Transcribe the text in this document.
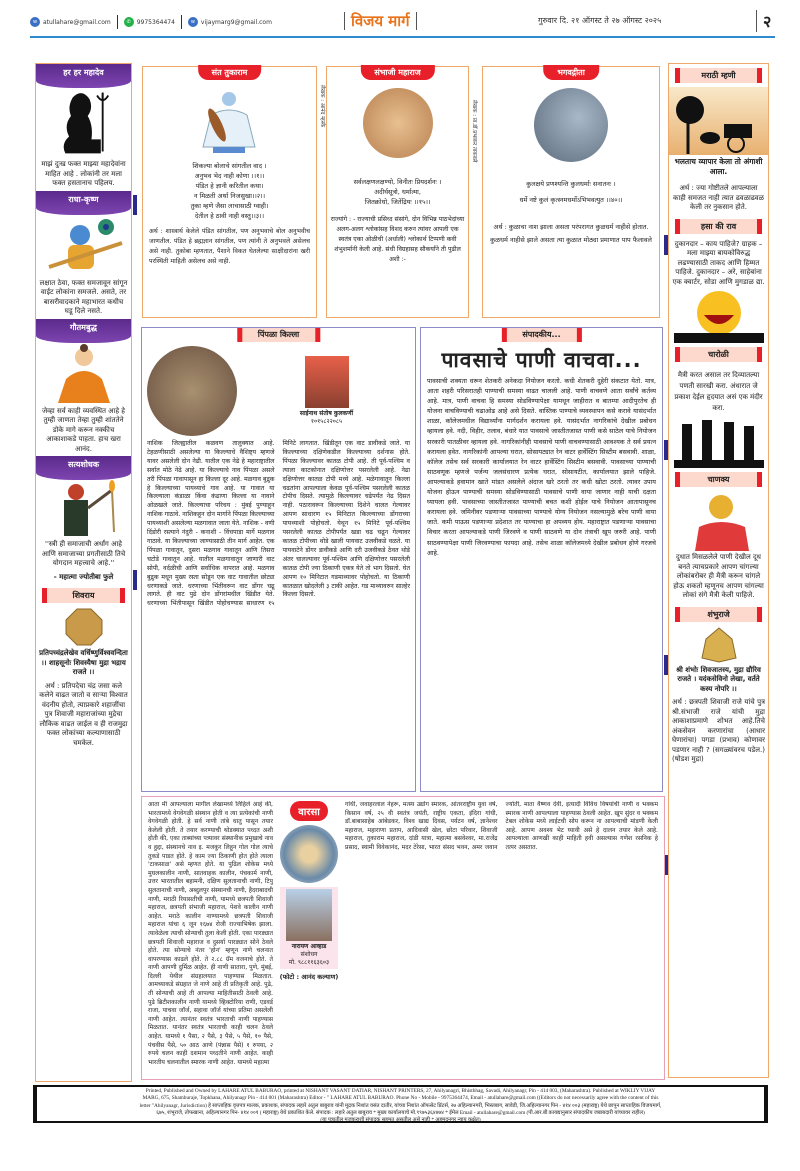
w atullahare@gmail.com	✆ 9975364474	w vijaymarg9@gmail.com	विजय मार्ग	गुरुवार दि. २१ ऑगस्ट ते २७ ऑगस्ट २०२५	२
हर हर महादेव
माझं दुःख फक्त माझ्या महादेवांना माहित आहे . लोकांनी तर मला फक्त हसतानाच पहिलय.
राधा-कृष्ण
लक्षात ठेवा, फक्त समजावून सांगून वाईट लोकांना समजले. असते, तर बासरीवादकाने महाभारत कधीच घडू दिले नसते.
गौतमबुद्ध
जेव्हा सर्व काही व्यवस्थित आहे हे तुम्ही जाणता तेव्हा तुम्ही शांततेने डोके मागे करून नक्कीच आकाशाकडे पाहता. हाच खरा आनंद.
सत्यशोधक
''स्त्री ही समाजाची अर्धांग आहे आणि समाजाच्या प्रगतीसाठी तिचे योगदान महत्त्वाचे आहे.''
- महात्मा ज्योतीबा फुले
शिवराय
प्रतिपच्चंद्रलेखेव वर्धिष्णुर्विश्ववन्दिता ।। शाहसूनोः शिवस्यैषा मुद्रा भद्राय राजते ।।
अर्थ : प्रतिपदेचा चंद्र जसा कले कलेने वाढत जातो व साऱ्या विश्वात वंदनीय होतो, त्याप्रकारे शहाजींचा पुत्र शिवाजी महाराजांच्या मुद्रेचा लौकिक वाढत जाईल व ही राजमुद्रा फक्त लोकांच्या कल्याणासाठी चमकेल.
संत तुकाराम
शिकल्या बोलाचे सांगतील वाद ।
अनुभव भेद नाही कोणा ।।१।।
पंडित हे ज्ञानी करितील कथा।
न मिळती अर्था निजसुखा।।२।।
तुका म्हणे जैसा लाचासाठी ग्वाही।
देतील हे ठावी नाही वस्तु।।३।।
अर्थ : शास्त्रार्थ केलेले पंडित सांगतील, पण अनुभवाचे बोल अनुभवीच जाणतील. पंडित हे ब्रह्मज्ञान सांगतील, पण त्यांनी ते अनुभवले असेलच असे नाही. तुकोबा म्हणतात, पैशाने विकत घेतलेल्या साक्षीदारांना खरी परस्थिती माहिती असेलच असे नाही.
लेखक : आनंद म्हस्के
संभाजी महाराज
सर्वलक्षणलक्षण्यो, विनीतः प्रियदर्शनः ।
अदीर्घसूत्रो, धर्मात्मा,
जितक्रोधो, जितेंद्रियः ।।१५।।
राज्यांगे : - राज्याची प्रसिध्द संसांगे, दोन विभिन्न पाठभेदांच्या अलग-अलग श्लोकांसह विशद करुन त्यांवर आपली एक स्वतंत्र एका ओळीची (अर्धाली) श्लोकार्थ टिप्पणी कवी शंभुशर्मानी केली आहे. संधी विग्रहासह सौकर्यांने ती पुढील अशी :-
लेखक : प्रा.डॉ.प्रभाकर ताकवले
भगवद्गीता
कुलक्षये प्रणश्यन्ति कुलधर्माः सनातनः ।
धर्मे नष्टे कुलं कृत्स्नमधर्मोऽभिभवत्युत ।।४०।।
अर्थ : कुळाचा नाश झाला असता परंपरागत कुळधर्म नाहीसे होतात. कुळधर्म नाहीसे झाले असता त्या कुळात मोठ्या प्रमाणात पाप फैलावले
मराठी म्हणी
भलताच व्यापार केला तो अंगाशी आला.
अर्थ : ज्या गोष्टीतले आपल्याला काही समजत नाही त्यात ढवळाढवळ केली तर नुकसान होते.
हसा की राव
दुकानदार – काय पाहिजे? ग्राहक – मला माझ्या बायकोविरुद्ध लढण्यासाठी ताकद आणि हिम्मत पाहिजे. दुकानदार – अरे, साहेबांना एक क्वार्टर, सोडा आणि मुगडाळ द्या.
चारोळी
मैत्री करत असाल तर दिव्यातल्या पणती सारखी करा. अंधारात जे प्रकाश देईल हृदयात असं एक मंदीर करा.
चाणक्य
दुधात मिसळलेले पाणी देखील दूध बनते त्याचप्रकारे आपण चांगल्या लोकांबरोबर ही मैत्री करून चांगले होऊ शकतो म्हणूनच आपण चांगल्या लोकां संगे मैत्री केली पाहिजे.
शंभुराजे
श्री शंभोः शिवजातस्य, मुद्रा द्यौरिव राजते । यदंकसेविनो लेखा, वर्तते कस्य नोपरि ।।
अर्थ : छत्रपती शिवाजी राजे यांचे पुत्र श्री.संभाजी राजे यांची मुद्रा आकाशाप्रमाणे शोभत आहे.तिचे अंकसेवन करणारांचा (आधार घेणारांचा) पगडा (प्रभाव) कोणावर पडणार नाही ? (सगळ्यांवरच पडेल.) (षोडश मुद्रा)
पिंपळा किल्ला
साईनाथ संतोष कुलकर्णी
१०१५८२२०८५
नाशिक जिल्ह्यातील कळवण तालुक्यात आहे. टेहळणीसाठी असलेल्या या किल्ल्याचे वैशिष्ट्य म्हणजे यावर असलेली दोन नेढी. यातील एक नेढे हे महाराष्ट्रातील सर्वात मोठे नेढे आहे. या किल्ल्याचे नाव पिंपळा असले तरी पिंपळा गावापासून हा किल्ला दूर आहे. मळगाव बुद्रुक हे किल्ल्याच्या पायथ्याचे गाव आहे. या गावात या किल्ल्याला कंडाळा किंवा कंढाणा किल्ला या नावाने ओळखले जाते. किल्ल्याचा परिचय : मुंबई पुण्याहून नाशिक गाठावे. नाशिकहून दोन मार्गाने पिंपळा किल्ल्याच्या पायथ्याशी असलेल्या मळगावात जाता येते. नाशिक - वणी दिंडोरी रस्त्याने नंदुरी - कनाशी - विंचपाडा मार्गे मळगाव गाठावे. या किल्ल्याच्या जाण्यासाठी तीन मार्ग आहेत. एक पिंपळा गावातून, दुसरा मळगाव गावातून आणि तिसरा चटोडे गावातून आहे. यातील मळगावातून जाणारी वाट सोपी, वर्दळीची आणि सर्वाधिक वापरात आहे. मळगाव बुद्रुक मधून मुख्य रस्ता सोडून एक वाट गावातील छोट्या धरणाकडे जाते. धरणाच्या भिंतीवरून वाट डोंगर चढू लागते. ही वाट पुढे दोन डोंगरांमधील खिंडीत येते. धरणाच्या भिंतीपासून खिंडीत पोहोचण्यास साधारण १५ मिनिटे लागतात. खिंडीतून एक वाट डावीकडे जाते. या किल्ल्याच्या दक्षिणेकडील किल्ल्याच्या दर्शनास होते. पिंपळा किल्ल्यावर कातळ टोपी आहे. ती पूर्व-पश्चिम व त्याला काटकोनात दक्षिणोत्तर पसरलेली आहे. नेढा दक्षिणोत्तर कातळ टोपी मध्ये आहे. मळेगावातून किल्ला चढतांना आपल्याला केवळ पूर्व-पश्चिम पसरलेली कातळ टोपीच दिसते. त्यामुळे किल्ल्यावर चढेपर्यंत नेढ दिसत नाही. पठारावरून किल्ल्याच्या दिशेने चालत गेल्यावर आपण साधारण १५ मिनिटात किल्ल्याच्या डोंगराच्या पायथ्याशी पोहोचतो. येथून १५ मिनिटे पूर्व-पश्चिम पसरलेली कातळ टोपीपर्यंत खडा चढ चढून गेल्यावर कातळ टोपीच्या थोडे खाली पायवाट उजवीकडे वळते. या पायवाटेने डोंगर डावीकडे आणि दरी उजवीकडे ठेवत थोडे अंतर चालल्यावर पूर्व-पश्चिम आणि दक्षिणोत्तर पसरलेली कातळ टोपी ज्या ठिकाणी एकत्र येते तो भाग दिसतो. घेत आपण १० मिनिटात गडमाथ्यावर पोहोचतो. या ठिकाणी कातळात खोदलेली ३ टाकी आहेत. गड माथ्यावरुन साल्हेर किल्ला दिसतो.
संपादकीय...
पावसाचे पाणी वाचवा...
पावसाची शक्यता धरून शेतकरी अनेकदा नियोजन करतो. कधी शेतकरी दुहेरी संकटात येतो. मात्र, आता शहरी परिसरातही पाण्याची समस्या वाढत चालली आहे. पाणी वाचवणे आता सर्वांचे कर्तव्य आहे. मात्र, पाणी वाचवा हि समस्या सोडविण्यापेक्षा यामधून जाहीरात व बातम्या आदीपुरतेच ही योजना वाचविण्याची चढाओढ आहे असे दिसते. वास्तिक पाण्याचे व्यवस्थापन कसे करावे यासंदर्भात शाळा, कॉलेजमधील विद्यार्थ्यांना मार्गदर्शन करायला हवे. यासंदर्भात नागरिकांचे देखील प्रबोधन व्हायला हवे. नदी, विहीर, तलाव, बंधारे यात पावसाचे जास्तीतजास्त पाणी कसे साठेल याचे नियोजन सरकारी पातळीवर व्हायला हवे. नागरिकांनीही पावसाचे पाणी वाचवण्यासाठी आवश्यक ते सर्व प्रयत्न करायला हवेत. नागरिकांनी आपल्या घरात, सोसायट्यात रेन वाटर हार्वेस्टिंग सिस्टीम बसवावी. शाळा, कॉलेज तसेच सर्व सरकारी कार्यालयात रेन वाटर हार्वेस्टिंग सिस्टीम बसवावी. पावसाच्या पाण्याची साठवणूक म्हणजे पर्जन्य जलसंधारण प्रत्येक घरात, सोसायटीत, कार्यालयात झाले पाहिजे. आपल्याकडे हवामान खाते मांडत असलेले अंदाज खरे ठरतो तर कधी खोटा ठरतो. त्यावर उपाय योजना होऊन पाण्याची समस्या सोडविण्यासाठी पावसाचे पाणी वाया जाणार नाही याची दक्षता घ्यायला हवी. पावसाच्या जास्तीतजास्त पाण्याची बचत कशी होईल याचे नियोजन आतापासूनच करायला हवे. जमिनीवर पडणाऱ्या पावसाच्या पाण्याचे योग्य नियोजन नसल्यामुळे बरेच पाणी वाया जाते. कमी पाऊस पडणाऱ्या प्रदेशात तर पाण्याचा हा अपव्यय होय. महाराष्ट्रात पडणाऱ्या पावसाचा विचार करता आपल्याकडे पाणी जिरवणे व पाणी साठवणे या दोन तंत्राची खूप जरुरी आहे. पाणी साठवण्यापेक्षा पाणी जिरवण्याचा फायदा आहे. तसेच शाळा कॉलेजमध्ये देखील प्रबोधन होणे गरजचे आहे.
आता मी आपल्याला मागील लेखामध्ये लिहिले आहे की, भारतामध्ये वेगवेगळी संस्थान होती व त्या प्रत्येकांची नाणी वेगवेगळी होती. हे सर्व नाणी तांबे धातु पासून तयार केलेली होती. ते तयार करण्याची थोडक्यात पध्दत अशी होती की, एका ताब्यांच्या पत्र्यावर संस्थानीक प्रमुखाचे नाव व हुद्दा, संस्थानचे नाव इ. मजकुर लिहून गोल गोल त्याचे तुकडे पाडत होते. हे काम ज्या ठिकाणी होत होते त्याला 'टाकसाळ' असे म्हणत होते. या पुढिल शोकेस मध्ये मुघलकालीन नाणी, सातवाहक कालीन, पंचकार्म नाणी, उत्तर भारतातील बहामनी, दक्षिण सुलतानाची नाणी, टिपु सुलतानाची नाणी, अब्दुलपुर संस्थानची नाणी, हैदराबादची नाणी, मराठी रियासतीची नाणी, यामध्ये छत्रपती शिवाजी महाराज, छत्रपती संभाजी महाराज, पेशवे कालीन नाणी आहेत. मराठे कालीन नाण्यामध्ये छत्रपती शिवाजी महाराज यांचा ६ जून १६७४ रोजी राज्याभिषेक झाला. त्यावेळेला त्याची सोन्याची तुला केली होती. एका पारड्यात छत्रपती शिवाजी महाराज व दुसर्या पारड्यात सोने ठेवले होते. त्या सोन्याचे नंतर 'होन' म्हणून नाणे चलनात वापरण्यास काढले होते. ते २.८८ ग्रॅम वजनाचे होते. ते नाणी आपणी दुर्मिळ आहेत. ही नाणी सातारा, पुणे, मुंबई, दिल्ली येथील संग्रहालयात पाहण्यास मिळतात. आमच्याकडे संग्रहात जे नाणे आहे ती प्रतिकृती आहे. पुढे, ती सोन्याची आहे ती आपल्या माहितीसाठी ठेवली आहे. पुढे ब्रिटीशकालीन नाणी यामध्ये व्हिक्टोरिया राणी, एडवर्ड राजा, पाचवा जॉर्ज, सहावा जॉर्ज यांच्या प्रतिमा असलेली नाणी आहेत. त्यानंतर स्वतंत्र भारताची नाणी पाहण्यास मिळतात. यानंतर स्वतंत्र भारताची काही चलन ठेवले आहेत. यामध्ये १ पैसा, २ पैसे, ३ पैसे, ५ पैसे, १० पैसे, पंचवीस पैसे, ५० आठ आणे (पंन्नास पैसे) १ रुपया, २ रुपये चलन काही दशमान पध्दतीने नाणी आहेत. काही भारतीय चलनातील स्मारक नाणी आहेत. यामध्ये महात्मा
वारसा
नारायण आव्हाड
संशोधन
मो. ९८८११६३६०३
(फोटो : आनंद कल्याण)
गांधी, जवाहरलाल नेहरू, मत्स्य उद्योग स्मारक, आंतरराष्ट्रीय युवा वर्ष, किसान वर्ष, २५ वी स्वतंत्र जयंती, राष्ट्रीय एकता, इंदिरा गांधी, डॉ.बाबासाहेब आंबेडकर, विश्व खाद्य दिवस, पर्यटन वर्ष, ज्ञानेश्वर महाराज, महाराणा प्रताप, आदिवासी खेल, छोटा परिवार, शिवाजी महाराज, तुकाराम महाराज, दांडी यात्रा, महात्मा बसवेश्वर, मा.राजेंद्र प्रसाद, स्वामी विवेकानंद, मदर टेरेसा, भारत संसद भवन, अमर जवान ज्योती, माता वैष्णव देवी, इत्यादी विविध विषयांची नाणी व भक्कम स्मारक नाणी आपल्याला पाहण्यास ठेवली आहेत. खूप सुंदर व भक्कम टेबल शोकेस मध्ये लाईटची सोय करून ना आपल्याची मांडणी केली आहे. आपण अवश्य भेट घ्यावी असे हे दालन तयार केले आहे. आपल्याला आणखी काही माहिती हवी असल्यास गणेश रसनिक हे तत्पर असतात.
Printed, Published and Owned by LAHARE ATUL BABURAO, printed at NISHANT VASANT DATIAR, NISHANT PRINTERS, 27, Ahilyanagri, Bhistbhag, Savadi, Ahilyanagr, Pin - 414 003, (Maharashtra). Published at WIKLIY VIJAY
MARG, 675, Shamburaje, Topkhana, Ahilyanagr Pin - 414 001 (Maharashtra) Editor - " LAHARE ATUL BABURAO. Phone No - Mobile - 9975364474, Email - atullahare@gmail.com ((Editors do not necessarily agree with the content of this
letter "Ahilyanagr, Jurisdiction) हे साप्ताहिक वृत्तपत्र मालक, प्रकाशक, संपादक लहारे अतुल बाबुराव यांनी मुद्रक निशांत वसंत दातीर, यांच्या निशांत ऑफसेट प्रिंटर्स, २७ अहिल्यानगरी, भिस्तबाग, सावेडी, जि.अहिल्यानगर पिन - ४१४ ००३ (महाराष्ट्र) येथे छापून साप्ताहिक विजयमार्ग,
६७५, शंभूराजे, तोफखाना, अहिल्यानगर पिन- ४१४ ००१ ( महाराष्ट्र) येथे प्रकाशित केले. संपादक : लहारे अतुल बाबुराव * मुख्य कार्यालयाचे मो.९९७५३६४४७४ * ईमेल Email - atullahare@gmail.com (पी.आर.बी.कायद्यानुसार संपादकीय जबाबदारी यांच्यावर राहील)
(या पत्रातील मजकुराशी संपादक सहमत असतील असे नाही * अहमदनगर न्याय कक्षेत)
